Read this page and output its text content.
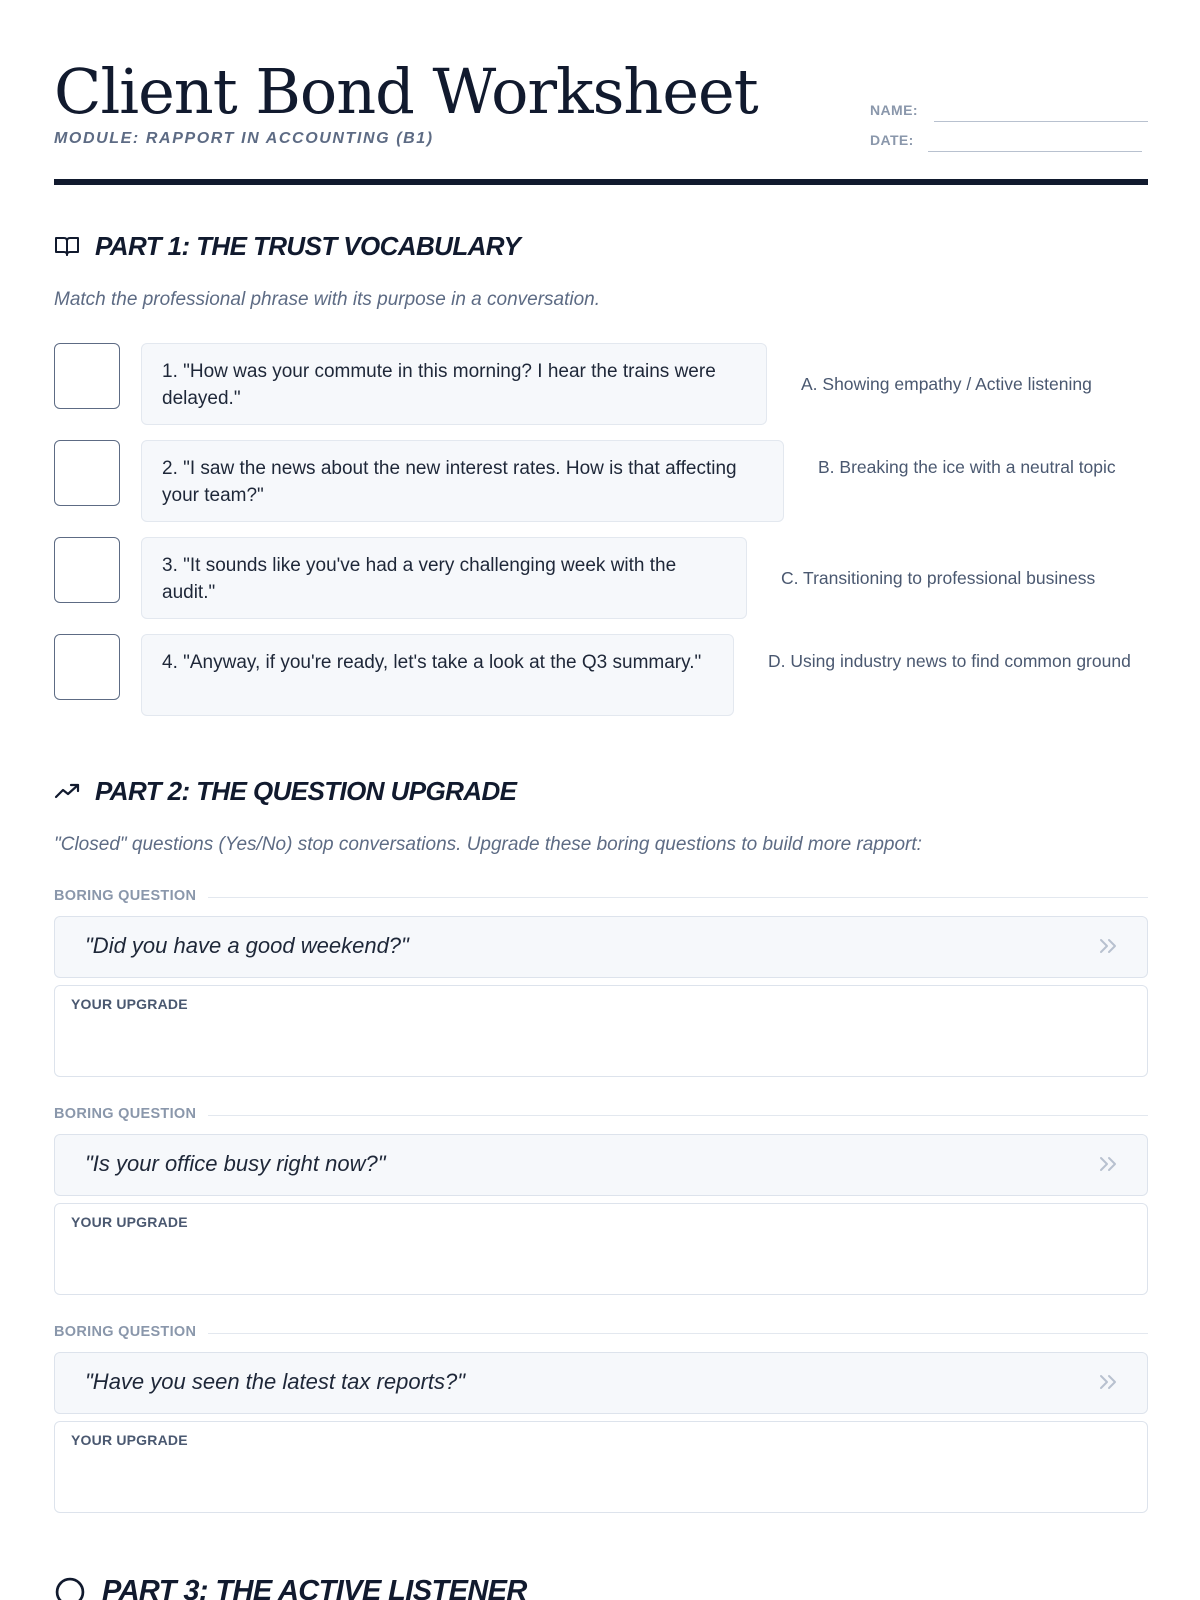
Client Bond Worksheet
MODULE: RAPPORT IN ACCOUNTING (B1)
NAME:
DATE:
PART 1: THE TRUST VOCABULARY
Match the professional phrase with its purpose in a conversation.
1. "How was your commute in this morning? I hear the trains were delayed."
A. Showing empathy / Active listening
2. "I saw the news about the new interest rates. How is that affecting your team?"
B. Breaking the ice with a neutral topic
3. "It sounds like you've had a very challenging week with the audit."
C. Transitioning to professional business
4. "Anyway, if you're ready, let's take a look at the Q3 summary."	D. Using industry news to find common ground
PART 2: THE QUESTION UPGRADE
"Closed" questions (Yes/No) stop conversations. Upgrade these boring questions to build more rapport:
BORING QUESTION
"Did you have a good weekend?"
YOUR UPGRADE
BORING QUESTION
"Is your office busy right now?"
YOUR UPGRADE
BORING QUESTION
"Have you seen the latest tax reports?"
YOUR UPGRADE
PART 3: THE ACTIVE LISTENER
